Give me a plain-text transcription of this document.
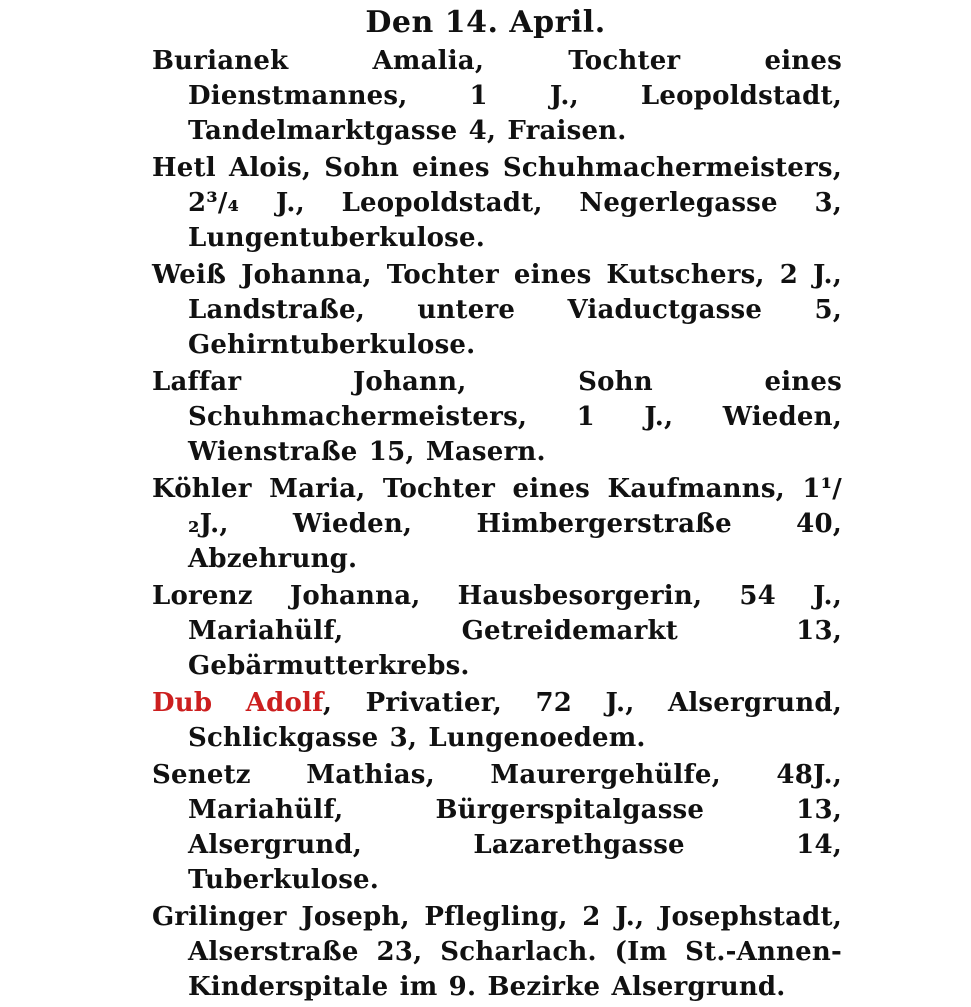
Den 14. April.

Burianek Amalia, Tochter eines Dienstmannes, 1 J., Leopoldstadt, Tandelmarktgasse 4, Fraisen.

Hetl Alois, Sohn eines Schuhmachermeisters, 2³/₄ J., Leopoldstadt, Negerlegasse 3, Lungentuberkulose.

Weiß Johanna, Tochter eines Kutschers, 2 J., Landstraße, untere Viaductgasse 5, Gehirntuberkulose.

Laffar Johann, Sohn eines Schuhmachermeisters, 1 J., Wieden, Wienstraße 15, Masern.

Köhler Maria, Tochter eines Kaufmanns, 1¹/₂J., Wieden, Himbergerstraße 40, Abzehrung.

Lorenz Johanna, Hausbesorgerin, 54 J., Mariahülf, Getreidemarkt 13, Gebärmutterkrebs.

Dub Adolf, Privatier, 72 J., Alsergrund, Schlickgasse 3, Lungenoedem.

Senetz Mathias, Maurergehülfe, 48J., Mariahülf, Bürgerspitalgasse 13, Alsergrund, Lazarethgasse 14, Tuberkulose.

Grilinger Joseph, Pflegling, 2 J., Josephstadt, Alserstraße 23, Scharlach. (Im St.-Annen-Kinderspitale im 9. Bezirke Alsergrund.
